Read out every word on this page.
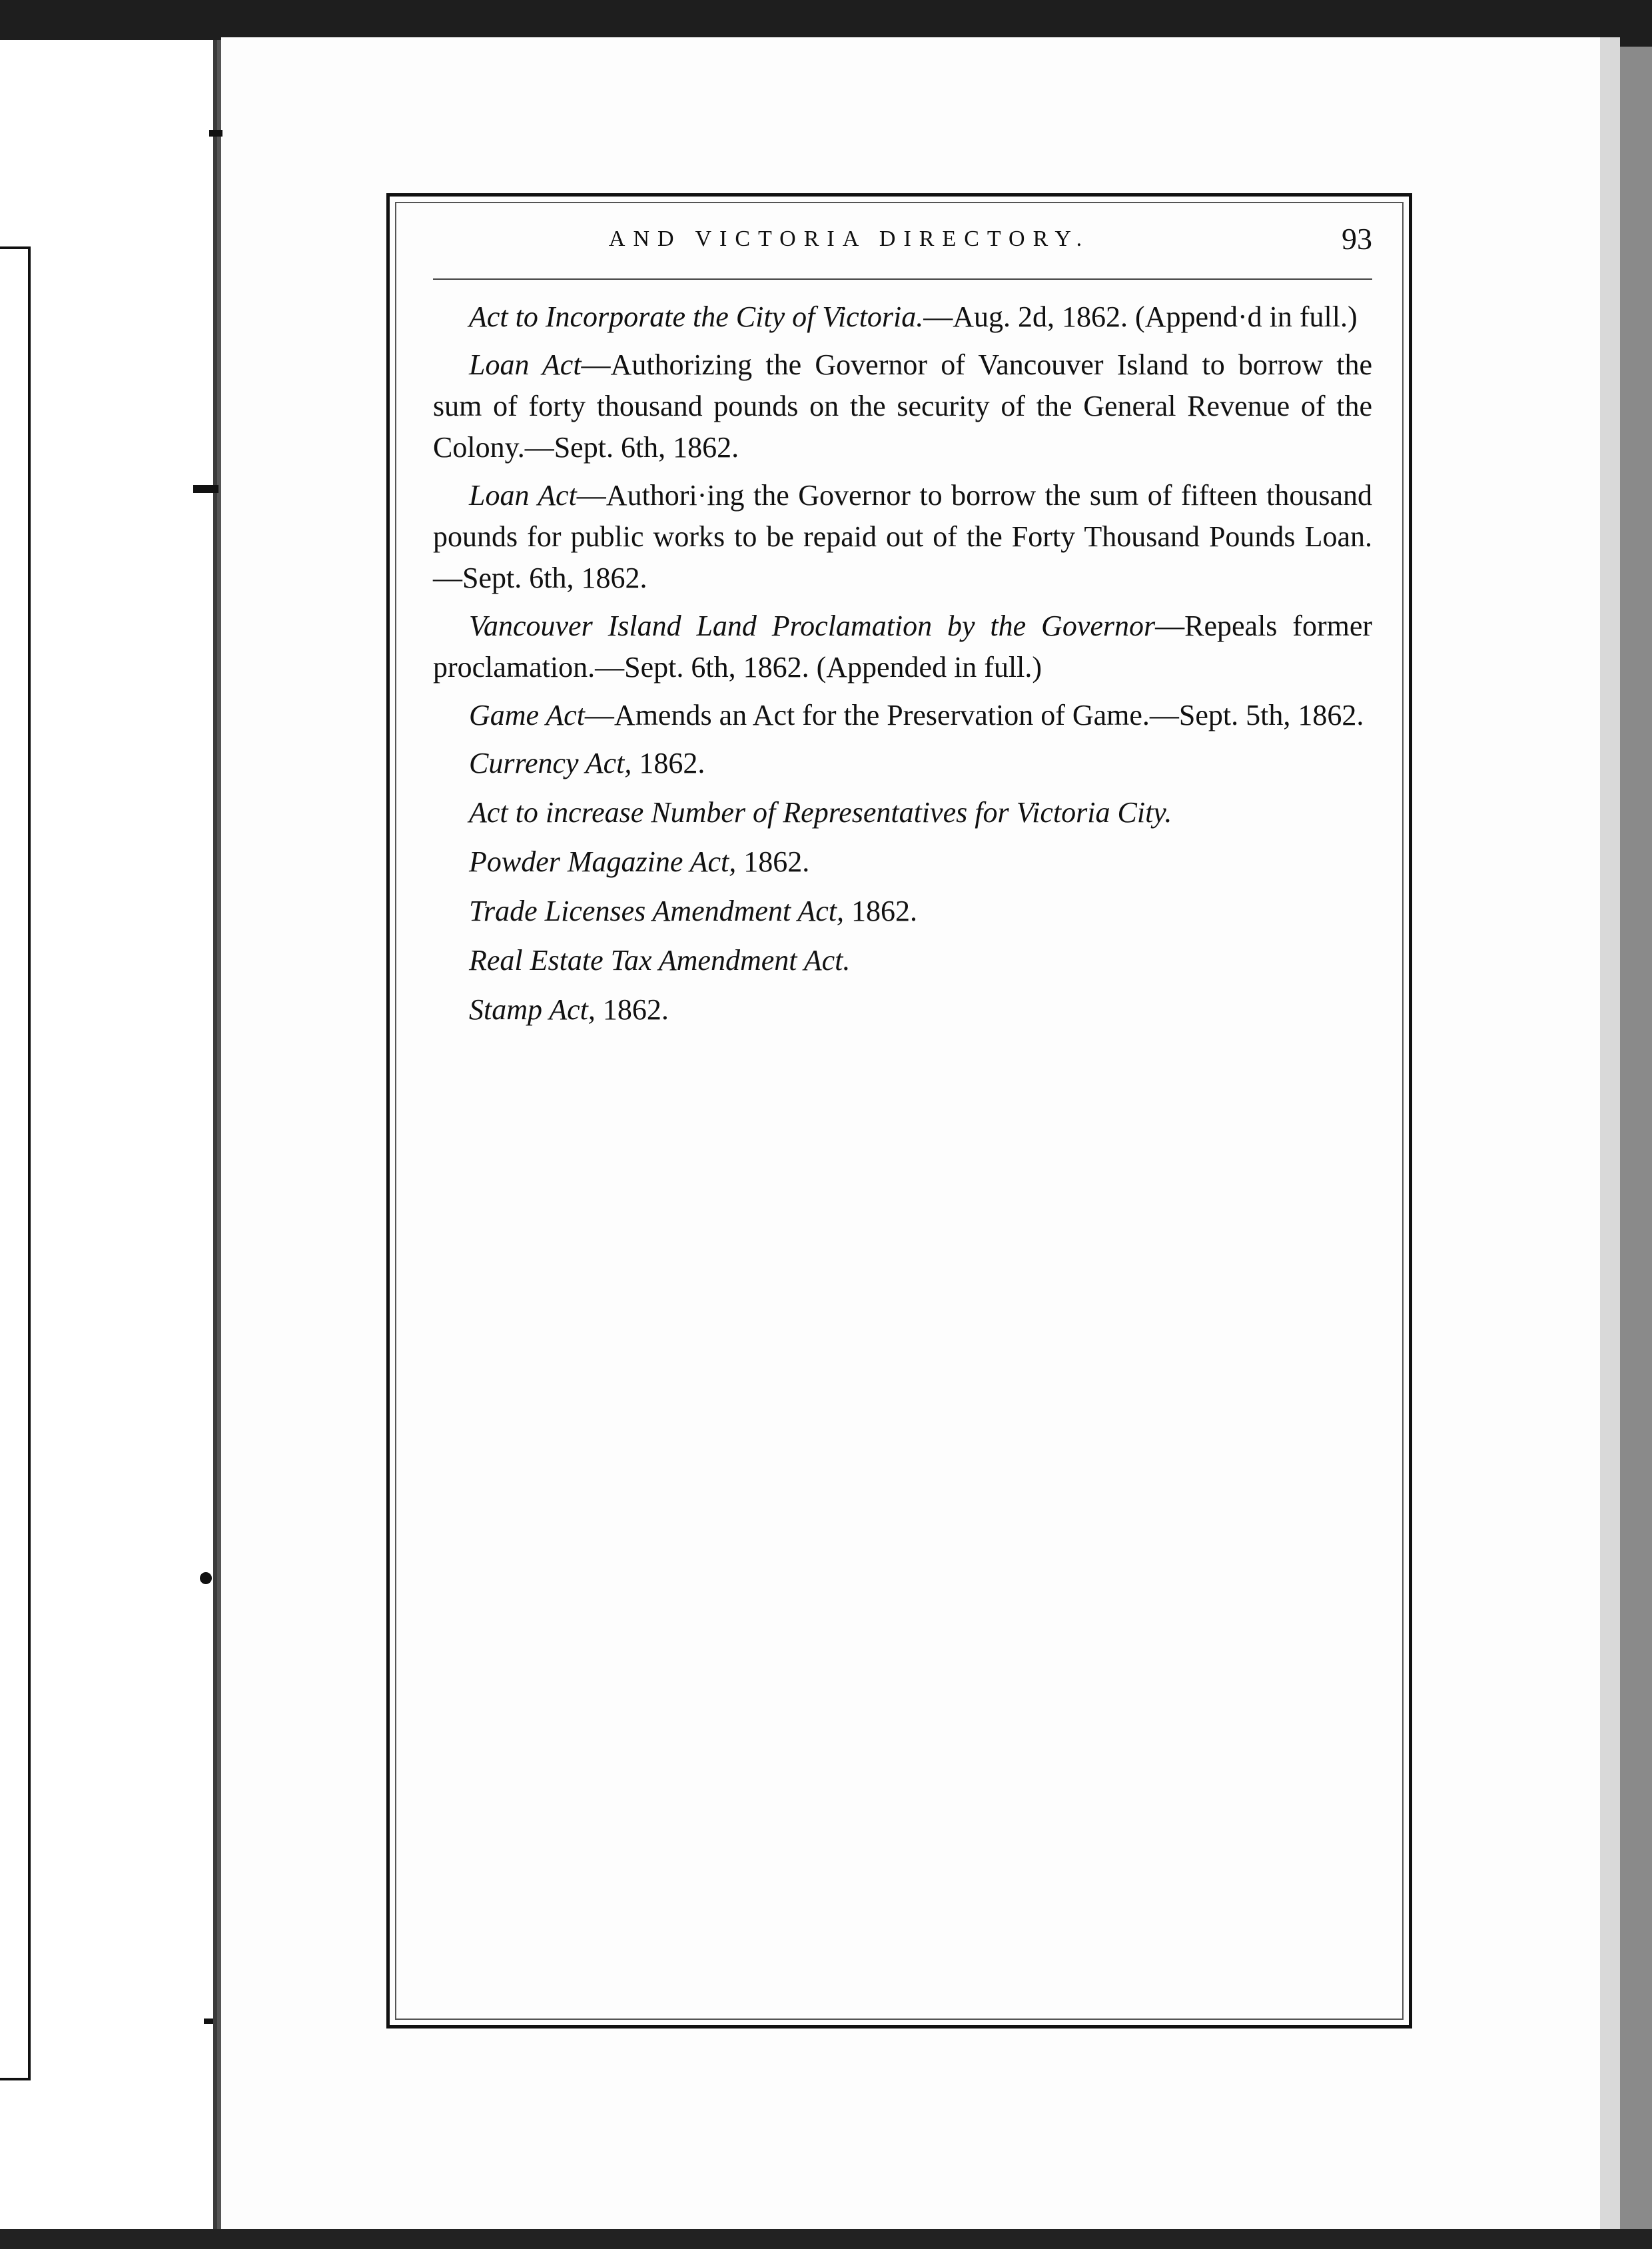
AND VICTORIA DIRECTORY.	93

Act to Incorporate the City of Victoria.—Aug. 2d, 1862. (Append·d in full.)

Loan Act—Authorizing the Governor of Vancouver Island to borrow the sum of forty thousand pounds on the security of the General Revenue of the Colony.—Sept. 6th, 1862.

Loan Act—Authori·ing the Governor to borrow the sum of fifteen thousand pounds for public works to be repaid out of the Forty Thousand Pounds Loan.—Sept. 6th, 1862.

Vancouver Island Land Proclamation by the Governor—Repeals former proclamation.—Sept. 6th, 1862. (Appended in full.)

Game Act—Amends an Act for the Preservation of Game.—Sept. 5th, 1862.

Currency Act, 1862.

Act to increase Number of Representatives for Victoria City.

Powder Magazine Act, 1862.

Trade Licenses Amendment Act, 1862.

Real Estate Tax Amendment Act.

Stamp Act, 1862.
